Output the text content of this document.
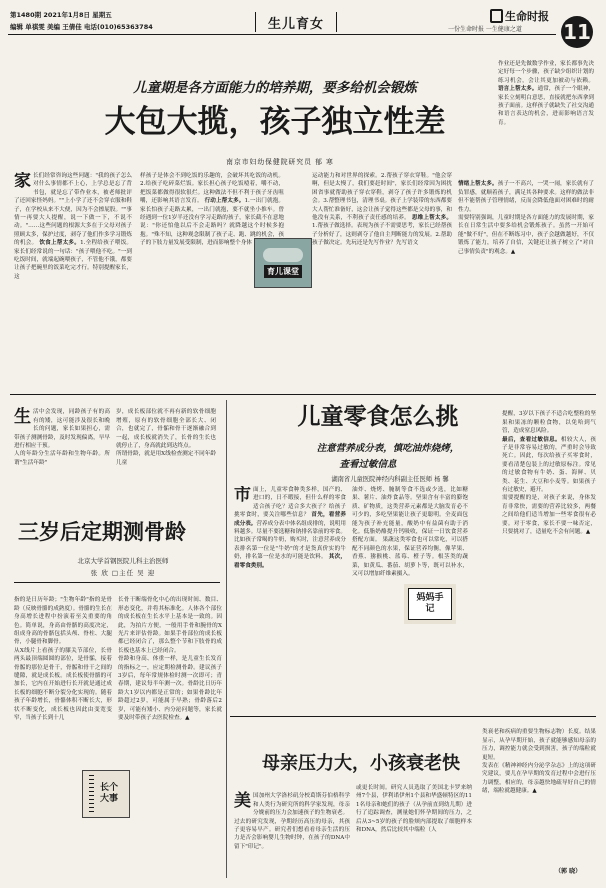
第1480期 2021年1月8日 星期五
编辑 单祺雯 美编 王倩佳 电话(010)65363784	生儿育女	生命时报
一份生命时报 一生健康之道 11
儿童期是各方面能力的培养期，要多给机会锻炼
大包大揽，孩子独立性差
南京市妇幼保健院研究员 郁 寒
家长们经常咨询这些问题："我的孩子怎么对什么事情都不上心，上学总是忘了背书包，就是忘了带作业本，被老师批评了还回家怪妈妈。""上小学了还不会穿衣服和鞋子，在学校从来不大便，因为不会擦屁股。""事情一再要大人提醒，说一下做一下，不说不动。"……这些问题的根源大多在于父母对孩子照顾太多，保护过度，剥夺了他们作多学习锻炼的机会。 饮食上帮太多。1.全程给孩子喂饭。家长们经常说的一句话："孩子喂他不吃。"一到吃饭时间，就端起碗喂孩子，不管他不饿，都要让孩子把碗里的饭菜吃完才行。特别提醒家长，这
样孩子是体会不到吃饭的乐趣的，会破坏其吃饭的动机。2.给孩子吃碎菜烂饭。家长担心孩子吃饭噎着，嚼不动，把饭菜都做得很软很烂。这种做法不但不利于孩子牙齿咀嚼，还影响其语言发育。 行动上帮太多。1.一出门就抱。家长怕孩子走路太累，一出门就抱，要不就坐小推车。曾经遇到一位1岁半还没有学习走路的孩子，家长截不在意地说："你还怕他以后不会走路吗？就降越这个时候多抱抱。"殊不知，这种观念限制了孩子走、跑、跳的机会，孩子的下肢力量发展受限制，进而影响整个身体
育儿课堂
运动能力和对世界的探索。2.帮孩子穿衣穿鞋。"他会穿啊，但是太慢了，我们要赶时间"，家长们经常因为困扰困省事就帮助孩子穿衣穿鞋，剥夺了孩子许多锻炼的机会。3.帮整理书包，清理书桌。孩子上学装带的东西都要大人帮忙准备好，这会让孩子觉得这些都是父母的事，和他没有关系，不利孩子责任感的培养。 思维上帮太多。1.帮孩子做选择。表现为孩子不需要思考，家长已经帮孩子分析好了，这则剥夺了他自主判断能力的发展。2.帮助孩子做决定。先玩还是先写作业？先写语文
作业还是先做数学作业，家长都事先决定好每一个步骤，孩子缺少组织计划的练习机会，会让其更加被动与依赖。 语言上帮太多。通常，孩子一个眼神，家长立刻明白意思，直接就把东西拿到孩子面前。这样孩子就缺失了社交沟通和语言表达的机会，进而影响语言发育。

情绪上帮太多。孩子一不高兴，一哭一闹，家长就有了负罪感，就顺着孩子，满足其各种要求。这样的做法非但不能帮孩子管理情绪，反而会降低他面对困难时的耐性力。
需要特别强调，儿童时期是各方面能力的发展时期，家长在日常生活中要多给机会锻炼孩子。虽然一开始可能"做不好"，但在不断练习中，孩子会越做越好，不仅锻炼了能力，培养了自信，关键还让孩子树立了"对自己事情负责"的观念。▲

生活中会发现，同龄孩子有的高有的矮，这可能涉及很长和晚长的问题，家长如果担心，需带孩子测测骨龄，及时发现偏离，早早进行相应干预。
人的年龄分生活年龄和生物年龄。所谓"生活年龄"

岁，成长板部位就不再有新的软骨细胞增殖，原有的软骨细胞全部长大、闭合，也就完了，骨骺和骨干逐渐融合到一起，成长板就消失了，长骨的生长也就停止了，身高就此到达终点。
所谓骨龄，就是用X线检查测定不同年龄儿童

三岁后定期测骨龄
北京大学首钢医院儿科主治医师
张 欣 □主任 吴 迎

指的是日历年龄；"生物年龄"指的是骨龄（反映骨骼的成熟度）。骨骼的生长在身高增长进程中扮演着至关重要的角色。简单说，身高由骨骼的高度决定，组成身高的骨骼包括头颅、脊柱、大腿骨，小腿骨和脚骨。
从X线片上看孩子的膝关节部位，长骨两头最顶端圆圆的部位，是骨骺，接着骨骺的那位是骨干，骨骺和骨干之间的缝隙，就是成长板。成长板使骨骼的可加长，它内在开始进行长开就是通过成长板的细胞不断分裂分化实现的。随着孩子年龄增长，骨骼体积不断长大，形状不断变化，成长板也因此由变宽变窄，当孩子长到十几

长骨干断端骨化中心的出现时间、数目、形态变化，并将其标准化。人体各个部位的成长板在生长水平上基本是一致的。因此，为拍片方便，一般用手骨和腕骨的X光片来评估骨龄。如果手骨部位的成长板都已经闭合了，那么整个节和下肢骨的成长板也基本上已经闭合。
骨龄和身高、体重一样，是儿童生长发育的指标之一，应定期检测骨龄。建议孩子3岁后，每年常规体检时测一次即可；青春期，建议每半年测一次。骨龄比日历年龄大1岁以内都是正常的；如果骨龄比年龄超过2岁，可能属于早熟；骨龄落后2岁，可能有矮小、内分泌问题等，家长就要及时带孩子去医院检查。▲

长个大事
儿童零食怎么挑
注意营养成分表，慎吃油炸烧烤，
查看过敏信息
湖南省儿童医院神经内科副主任医师 杨 馨
市面上，儿童零食种类多样，国产的、进口的，日不暇接，但什么样的零食适合孩子吃？适合多大孩子？给孩子挑零食时，要关注哪些信息？ 首先，看营养成分表。营养成分表中体名组成排的，说明用料越多。尽量不要选糖和钠排名靠前的零食。比如孩子常喝的牛奶，购买时，注意营养成分表排名第一位是"牛奶"的才是货真价实的牛奶，排名第一位是水的可能是饮料。 其次，看零食类别。
油炸、烧烤、腌制等食不选或少选，比如糖果、薯片、油炸食品等。坚果含有丰富的膨饱质、矿物质，这类营养元素都是大脑发育必不可少的，多吃坚果能让孩子更聪明。全麦面包能为孩子补充能量，酸奶中有益菌有助于消化。低脂奶酪提升钙吸收，保证一日饮食营养搭配方面。 果蔬这类零食也可以常吃，可以搭配不同颜色的水果，保证营养均衡，像苹果、香蕉、猕猴桃、蓝莓、橙子等。根茎类的蔬菜，如黄瓜、番茄、胡萝卜等，既可以补水，又可以增加纤维素摄入。
妈妈手记

提醒，3岁以下孩子不适合吃整粒的坚果和果冻的颗粒食物，以免哈到气管，造成窒息风险。
最后，查看过敏信息。相较大人，孩子是非常容易过敏的，严重时会导致死亡。因此，每次给孩子买零食时，要看清楚包装上的过敏原标注。常见的过敏食物有牛奶、蛋、海鲜、贝类、花生、大豆和小麦等。如果孩子有过敏史，避开。
需要提醒的是，对孩子来说，身体发育非常快，需要的营养比较多，两餐之间给他们适当增加一些零食很有必要。对于零食，家长不要一味否定，只要挑对了，适量吃不会有问题。▲

母亲压力大，小孩衰老快

美国加州大学洛杉矶分校葛斯芬伯格科学和人类行为研究所的科学家发现，母亲分娩前的压力会加速孩子的生物衰老。
过去的研究发现，孕期经历高压的母亲，其孩子更容易早产。研究者们想看看母亲生活的压力是否会影响婴儿生物时钟，在孩子的DNA中留下"印记"。

或更长时间。研究人员选取了美国北卡罗来纳州7个县，伊利诺伊州1个县和华盛顿特区的111名母亲和她们的孩子（从孕前直到幼儿期）进行了追踪调查，测量她们怀孕期间的压力，之后从3~5岁的孩子的脸颊内部提取了细胞样本和DNA，然后比较其中端粒（人

类衰老和疾病的重要生物标志物）长度。结果显示，从孕早期开始，孩子就能够感知母亲的压力，调控能力就会受到损害，孩子的端粒就更短。
发表在《精神神经内分泌学杂志》上的这项研究建议，要儿在孕早期的发育过程中会进行压力调整，相应的，母亲越快地疏导好自己的情绪，端粒就越健康。▲

（郭 晓）
